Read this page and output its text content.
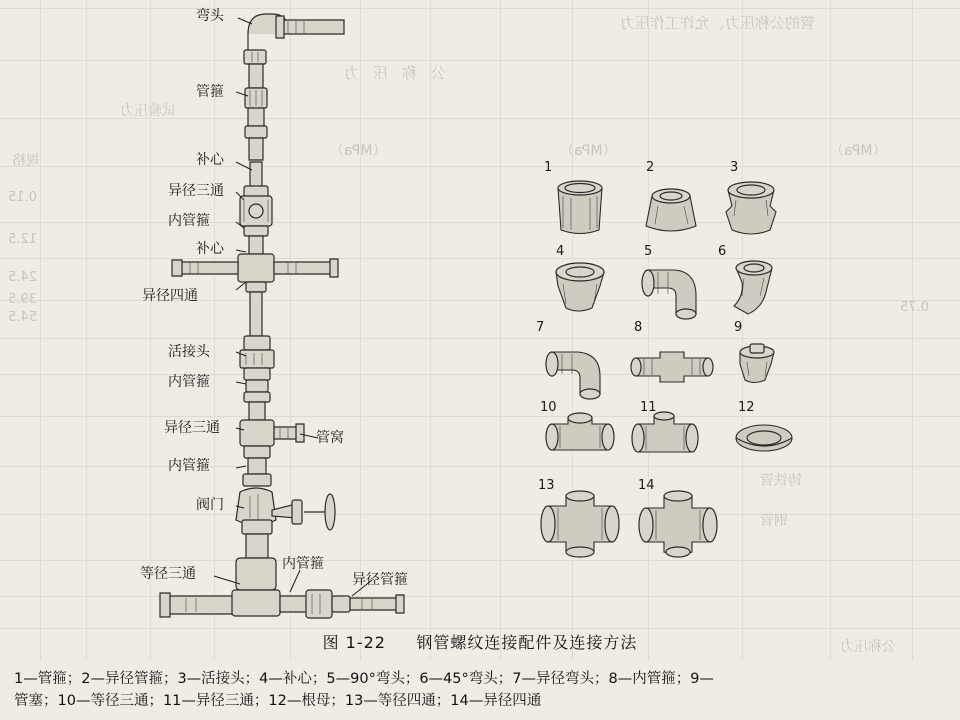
管的公称压力、允许工作压力
公称压力
试验压力
（MPa）	（MPa）	（MPa）
规格
0.15
12.5
24.5
39.5
54.5
0.75
铸铁管
钢管
公称压力
弯头
管箍
补心
异径三通
内管箍
补心
异径四通
活接头
内管箍
异径三通
管窝
内管箍
阀门
等径三通
内管箍
异径管箍
1	2	3
4	5	6
7	8	9
10	11	12
13	14
图 1-22 钢管螺纹连接配件及连接方法
1—管箍；2—异径管箍；3—活接头；4—补心；5—90°弯头；6—45°弯头；7—异径弯头；8—内管箍；9—
管塞；10—等径三通；11—异径三通；12—根母；13—等径四通；14—异径四通
